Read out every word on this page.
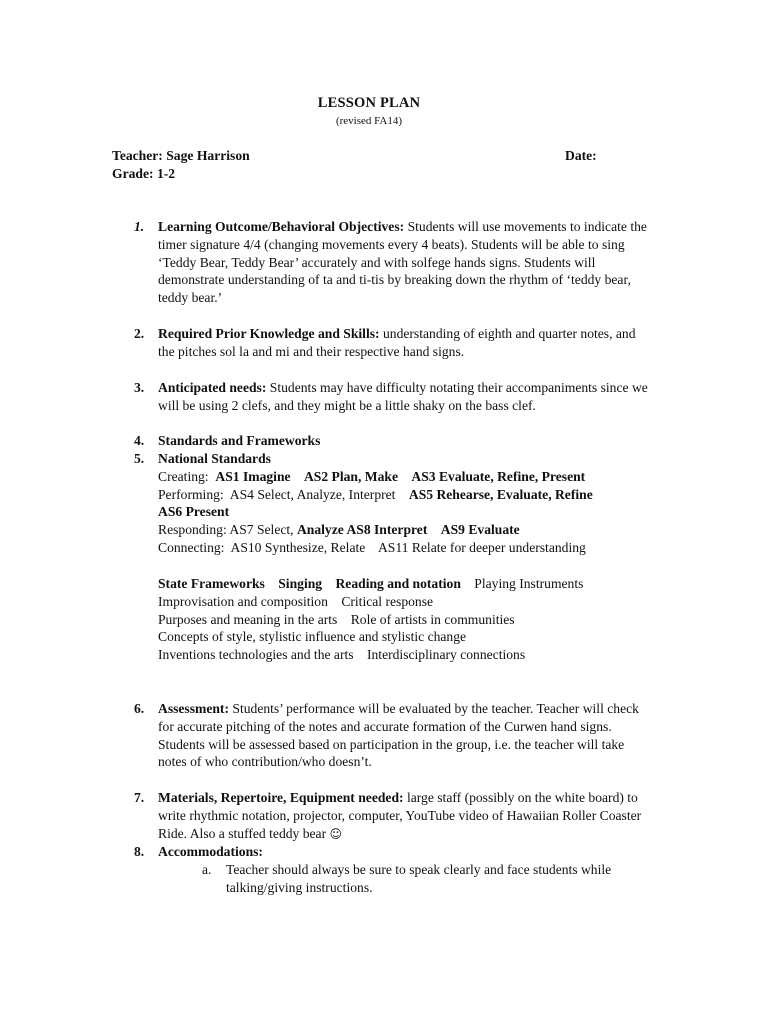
LESSON PLAN
(revised FA14)
Teacher: Sage Harrison	Date:
Grade: 1-2
1. Learning Outcome/Behavioral Objectives: Students will use movements to indicate the timer signature 4/4 (changing movements every 4 beats). Students will be able to sing ‘Teddy Bear, Teddy Bear’ accurately and with solfege hands signs. Students will demonstrate understanding of ta and ti-tis by breaking down the rhythm of ‘teddy bear, teddy bear.’
2. Required Prior Knowledge and Skills: understanding of eighth and quarter notes, and the pitches sol la and mi and their respective hand signs.
3. Anticipated needs: Students may have difficulty notating their accompaniments since we will be using 2 clefs, and they might be a little shaky on the bass clef.
4. Standards and Frameworks
5. National Standards
Creating: AS1 Imagine AS2 Plan, Make AS3 Evaluate, Refine, Present
Performing: AS4 Select, Analyze, Interpret AS5 Rehearse, Evaluate, Refine
AS6 Present
Responding: AS7 Select, Analyze AS8 Interpret AS9 Evaluate
Connecting: AS10 Synthesize, Relate AS11 Relate for deeper understanding
State Frameworks Singing Reading and notation Playing Instruments
Improvisation and composition Critical response
Purposes and meaning in the arts Role of artists in communities
Concepts of style, stylistic influence and stylistic change
Inventions technologies and the arts Interdisciplinary connections
6. Assessment: Students’ performance will be evaluated by the teacher. Teacher will check for accurate pitching of the notes and accurate formation of the Curwen hand signs. Students will be assessed based on participation in the group, i.e. the teacher will take notes of who contribution/who doesn’t.
7. Materials, Repertoire, Equipment needed: large staff (possibly on the white board) to write rhythmic notation, projector, computer, YouTube video of Hawaiian Roller Coaster Ride. Also a stuffed teddy bear ☺
8. Accommodations:
a. Teacher should always be sure to speak clearly and face students while talking/giving instructions.
